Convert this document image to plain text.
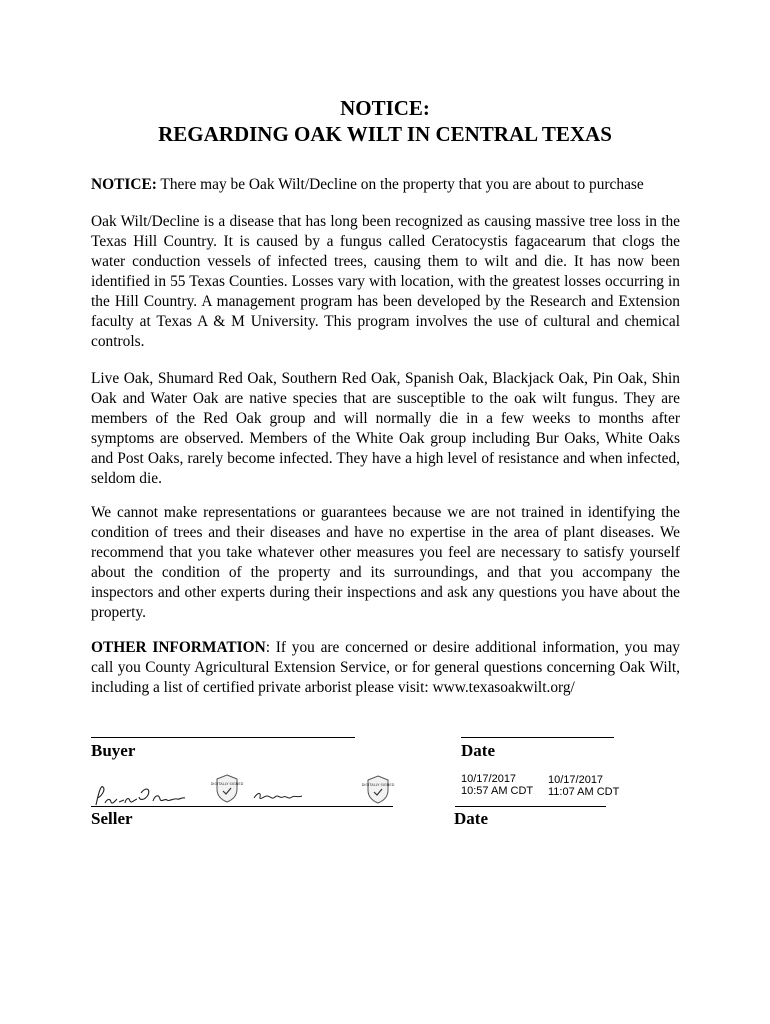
NOTICE:
REGARDING OAK WILT IN CENTRAL TEXAS

NOTICE: There may be Oak Wilt/Decline on the property that you are about to purchase

Oak Wilt/Decline is a disease that has long been recognized as causing massive tree loss in the Texas Hill Country. It is caused by a fungus called Ceratocystis fagacearum that clogs the water conduction vessels of infected trees, causing them to wilt and die. It has now been identified in 55 Texas Counties. Losses vary with location, with the greatest losses occurring in the Hill Country. A management program has been developed by the Research and Extension faculty at Texas A & M University. This program involves the use of cultural and chemical controls.

Live Oak, Shumard Red Oak, Southern Red Oak, Spanish Oak, Blackjack Oak, Pin Oak, Shin Oak and Water Oak are native species that are susceptible to the oak wilt fungus. They are members of the Red Oak group and will normally die in a few weeks to months after symptoms are observed. Members of the White Oak group including Bur Oaks, White Oaks and Post Oaks, rarely become infected. They have a high level of resistance and when infected, seldom die.

We cannot make representations or guarantees because we are not trained in identifying the condition of trees and their diseases and have no expertise in the area of plant diseases. We recommend that you take whatever other measures you feel are necessary to satisfy yourself about the condition of the property and its surroundings, and that you accompany the inspectors and other experts during their inspections and ask any questions you have about the property.

OTHER INFORMATION: If you are concerned or desire additional information, you may call you County Agricultural Extension Service, or for general questions concerning Oak Wilt, including a list of certified private arborist please visit: www.texasoakwilt.org/

Buyer	Date
DIGITALLY SIGNED	DIGITALLY SIGNED	10/17/2017
10:57 AM CDT
10/17/2017
11:07 AM CDT
Seller	Date
